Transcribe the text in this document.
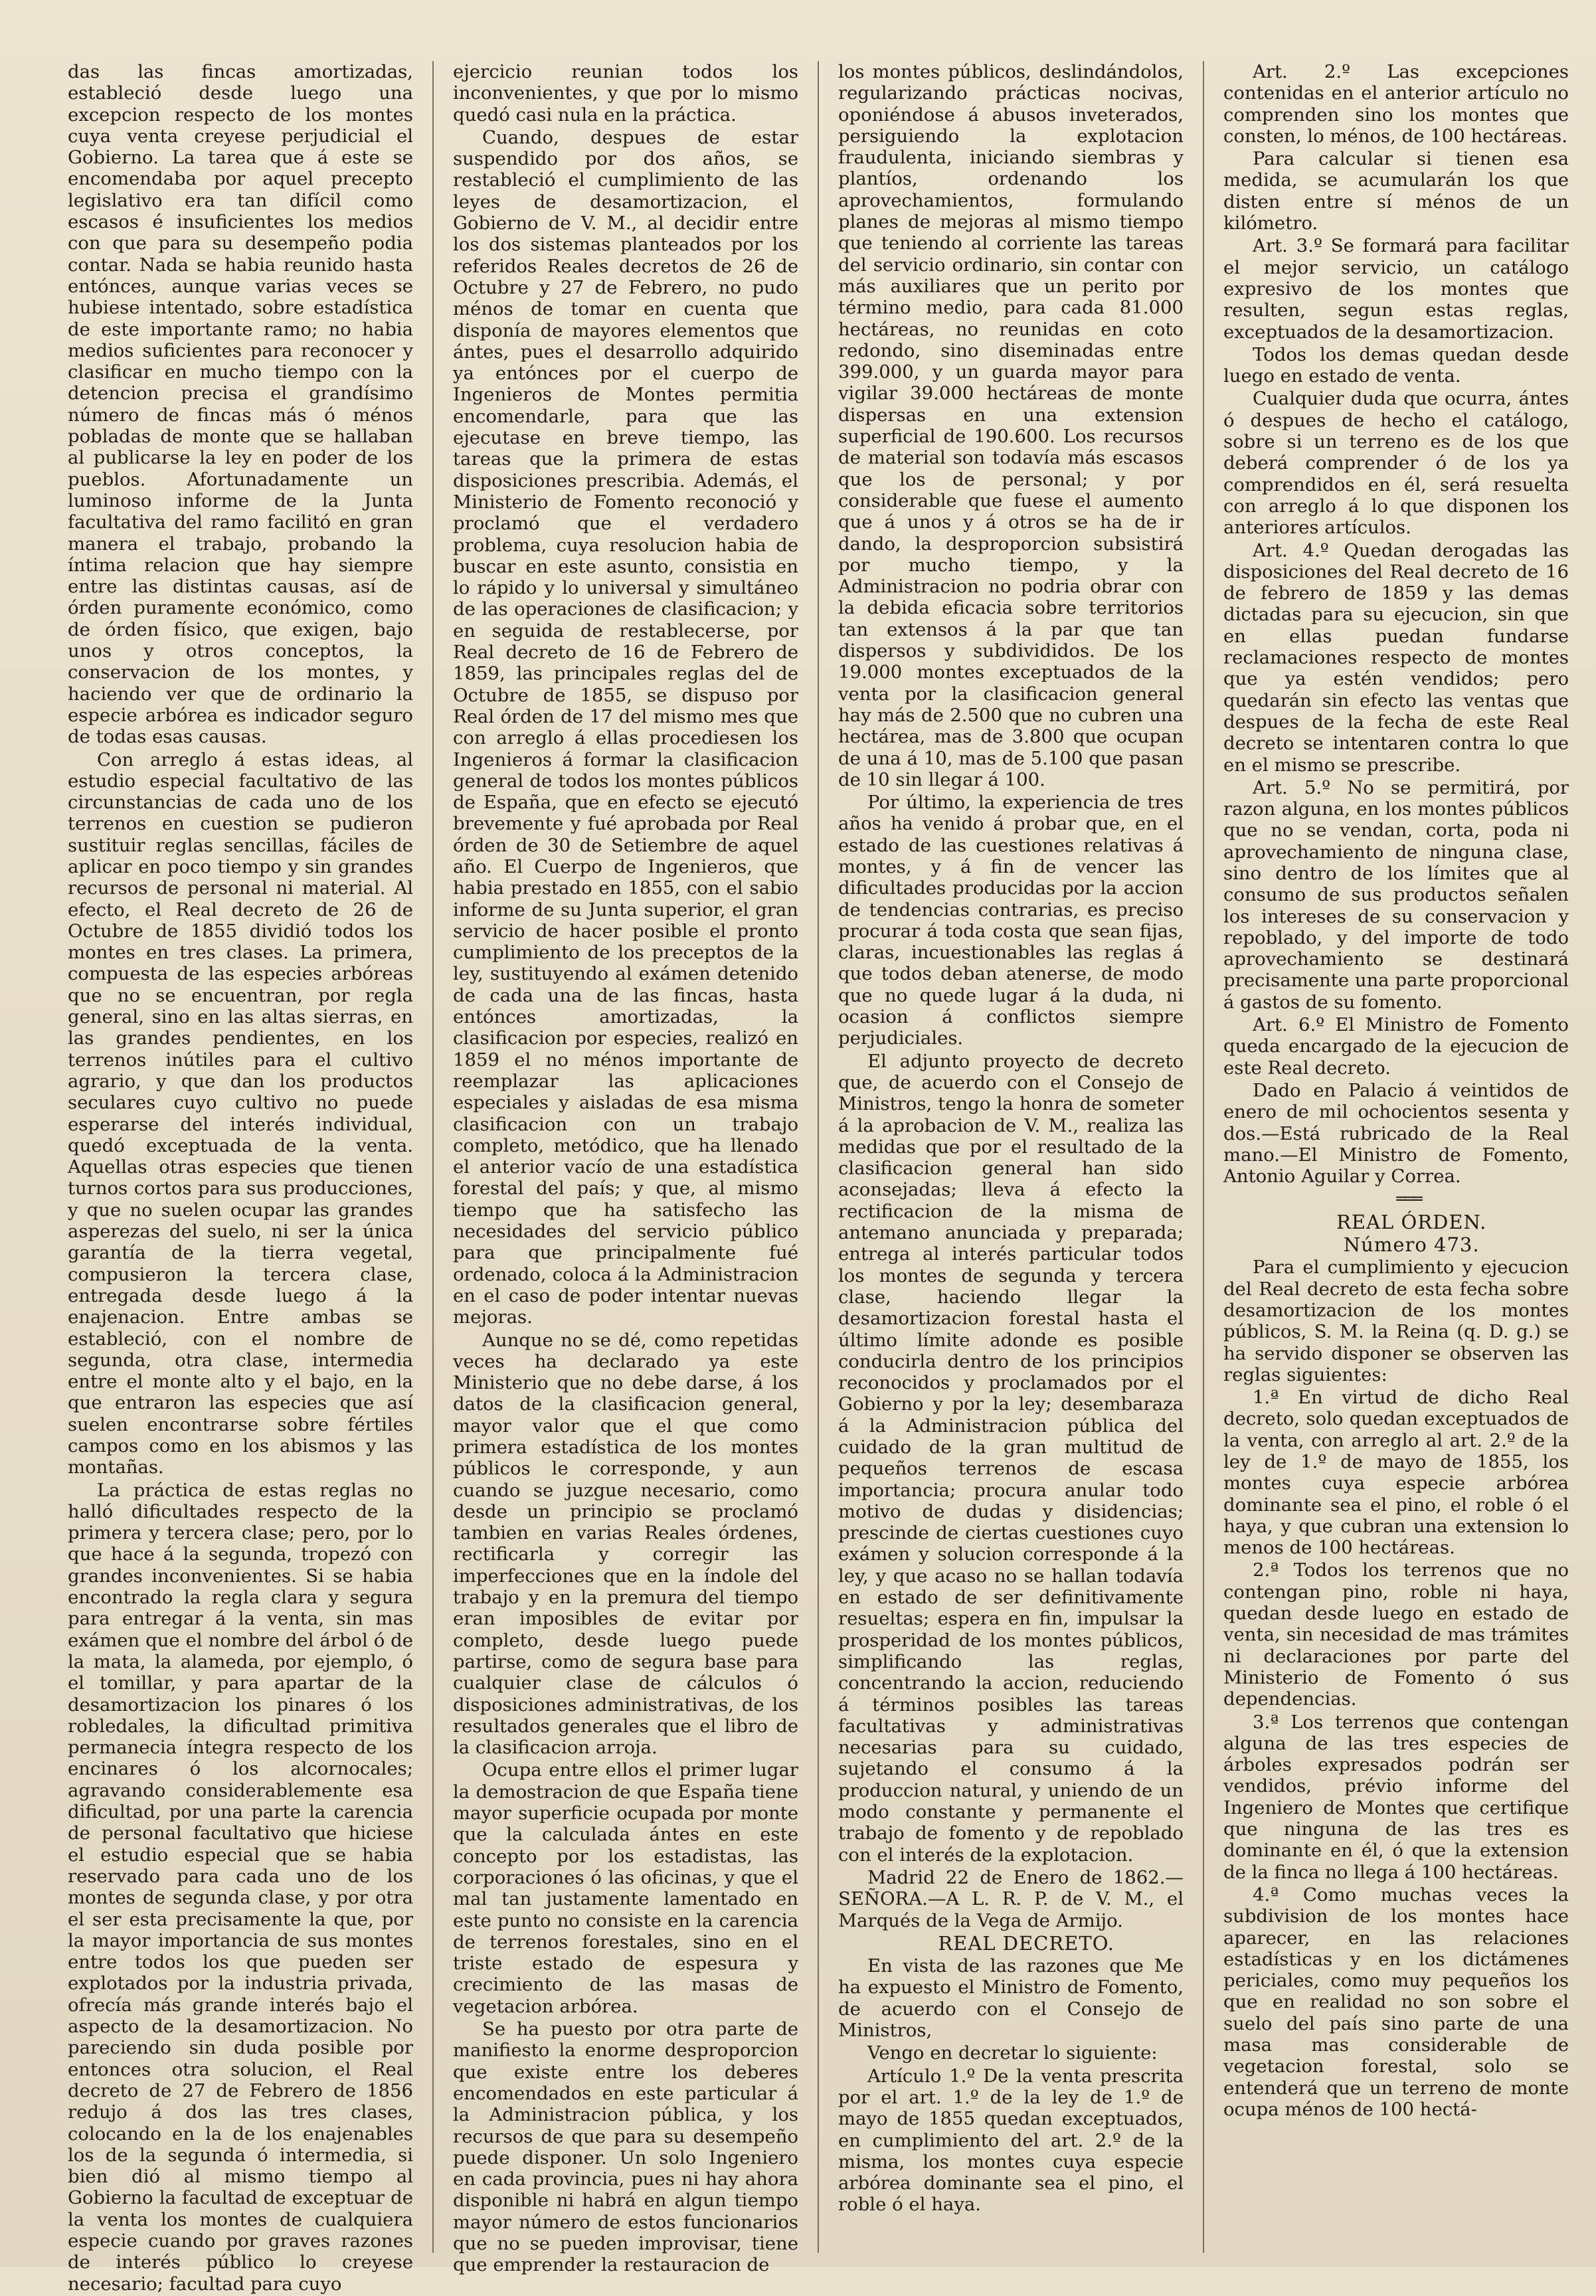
das las fincas amortizadas, estableció desde luego una excepcion respecto de los montes cuya venta creyese perjudicial el Gobierno. La tarea que á este se encomendaba por aquel precepto legislativo era tan difícil como escasos é insuficientes los medios con que para su desempeño podia contar. Nada se habia reunido hasta entónces, aunque varias veces se hubiese intentado, sobre estadística de este importante ramo; no habia medios suficientes para reconocer y clasificar en mucho tiempo con la detencion precisa el grandísimo número de fincas más ó ménos pobladas de monte que se hallaban al publicarse la ley en poder de los pueblos. Afortunadamente un luminoso informe de la Junta facultativa del ramo facilitó en gran manera el trabajo, probando la íntima relacion que hay siempre entre las distintas causas, así de órden puramente económico, como de órden físico, que exigen, bajo unos y otros conceptos, la conservacion de los montes, y haciendo ver que de ordinario la especie arbórea es indicador seguro de todas esas causas.

Con arreglo á estas ideas, al estudio especial facultativo de las circunstancias de cada uno de los terrenos en cuestion se pudieron sustituir reglas sencillas, fáciles de aplicar en poco tiempo y sin grandes recursos de personal ni material. Al efecto, el Real decreto de 26 de Octubre de 1855 dividió todos los montes en tres clases. La primera, compuesta de las especies arbóreas que no se encuentran, por regla general, sino en las altas sierras, en las grandes pendientes, en los terrenos inútiles para el cultivo agrario, y que dan los productos seculares cuyo cultivo no puede esperarse del interés individual, quedó exceptuada de la venta. Aquellas otras especies que tienen turnos cortos para sus producciones, y que no suelen ocupar las grandes asperezas del suelo, ni ser la única garantía de la tierra vegetal, compusieron la tercera clase, entregada desde luego á la enajenacion. Entre ambas se estableció, con el nombre de segunda, otra clase, intermedia entre el monte alto y el bajo, en la que entraron las especies que así suelen encontrarse sobre fértiles campos como en los abismos y las montañas.

La práctica de estas reglas no halló dificultades respecto de la primera y tercera clase; pero, por lo que hace á la segunda, tropezó con grandes inconvenientes. Si se habia encontrado la regla clara y segura para entregar á la venta, sin mas exámen que el nombre del árbol ó de la mata, la alameda, por ejemplo, ó el tomillar, y para apartar de la desamortizacion los pinares ó los robledales, la dificultad primitiva permanecia íntegra respecto de los encinares ó los alcornocales; agravando considerablemente esa dificultad, por una parte la carencia de personal facultativo que hiciese el estudio especial que se habia reservado para cada uno de los montes de segunda clase, y por otra el ser esta precisamente la que, por la mayor importancia de sus montes entre todos los que pueden ser explotados por la industria privada, ofrecía más grande interés bajo el aspecto de la desamortizacion. No pareciendo sin duda posible por entonces otra solucion, el Real decreto de 27 de Febrero de 1856 redujo á dos las tres clases, colocando en la de los enajenables los de la segunda ó intermedia, si bien dió al mismo tiempo al Gobierno la facultad de exceptuar de la venta los montes de cualquiera especie cuando por graves razones de interés público lo creyese necesario; facultad para cuyo

ejercicio reunian todos los inconvenientes, y que por lo mismo quedó casi nula en la práctica.

Cuando, despues de estar suspendido por dos años, se restableció el cumplimiento de las leyes de desamortizacion, el Gobierno de V. M., al decidir entre los dos sistemas planteados por los referidos Reales decretos de 26 de Octubre y 27 de Febrero, no pudo ménos de tomar en cuenta que disponía de mayores elementos que ántes, pues el desarrollo adquirido ya entónces por el cuerpo de Ingenieros de Montes permitia encomendarle, para que las ejecutase en breve tiempo, las tareas que la primera de estas disposiciones prescribia. Además, el Ministerio de Fomento reconoció y proclamó que el verdadero problema, cuya resolucion habia de buscar en este asunto, consistia en lo rápido y lo universal y simultáneo de las operaciones de clasificacion; y en seguida de restablecerse, por Real decreto de 16 de Febrero de 1859, las principales reglas del de Octubre de 1855, se dispuso por Real órden de 17 del mismo mes que con arreglo á ellas procediesen los Ingenieros á formar la clasificacion general de todos los montes públicos de España, que en efecto se ejecutó brevemente y fué aprobada por Real órden de 30 de Setiembre de aquel año. El Cuerpo de Ingenieros, que habia prestado en 1855, con el sabio informe de su Junta superior, el gran servicio de hacer posible el pronto cumplimiento de los preceptos de la ley, sustituyendo al exámen detenido de cada una de las fincas, hasta entónces amortizadas, la clasificacion por especies, realizó en 1859 el no ménos importante de reemplazar las aplicaciones especiales y aisladas de esa misma clasificacion con un trabajo completo, metódico, que ha llenado el anterior vacío de una estadística forestal del país; y que, al mismo tiempo que ha satisfecho las necesidades del servicio público para que principalmente fué ordenado, coloca á la Administracion en el caso de poder intentar nuevas mejoras.

Aunque no se dé, como repetidas veces ha declarado ya este Ministerio que no debe darse, á los datos de la clasificacion general, mayor valor que el que como primera estadística de los montes públicos le corresponde, y aun cuando se juzgue necesario, como desde un principio se proclamó tambien en varias Reales órdenes, rectificarla y corregir las imperfecciones que en la índole del trabajo y en la premura del tiempo eran imposibles de evitar por completo, desde luego puede partirse, como de segura base para cualquier clase de cálculos ó disposiciones administrativas, de los resultados generales que el libro de la clasificacion arroja.

Ocupa entre ellos el primer lugar la demostracion de que España tiene mayor superficie ocupada por monte que la calculada ántes en este concepto por los estadistas, las corporaciones ó las oficinas, y que el mal tan justamente lamentado en este punto no consiste en la carencia de terrenos forestales, sino en el triste estado de espesura y crecimiento de las masas de vegetacion arbórea.

Se ha puesto por otra parte de manifiesto la enorme desproporcion que existe entre los deberes encomendados en este particular á la Administracion pública, y los recursos de que para su desempeño puede disponer. Un solo Ingeniero en cada provincia, pues ni hay ahora disponible ni habrá en algun tiempo mayor número de estos funcionarios que no se pueden improvisar, tiene que emprender la restauracion de

los montes públicos, deslindándolos, regularizando prácticas nocivas, oponiéndose á abusos inveterados, persiguiendo la explotacion fraudulenta, iniciando siembras y plantíos, ordenando los aprovechamientos, formulando planes de mejoras al mismo tiempo que teniendo al corriente las tareas del servicio ordinario, sin contar con más auxiliares que un perito por término medio, para cada 81.000 hectáreas, no reunidas en coto redondo, sino diseminadas entre 399.000, y un guarda mayor para vigilar 39.000 hectáreas de monte dispersas en una extension superficial de 190.600. Los recursos de material son todavía más escasos que los de personal; y por considerable que fuese el aumento que á unos y á otros se ha de ir dando, la desproporcion subsistirá por mucho tiempo, y la Administracion no podria obrar con la debida eficacia sobre territorios tan extensos á la par que tan dispersos y subdivididos. De los 19.000 montes exceptuados de la venta por la clasificacion general hay más de 2.500 que no cubren una hectárea, mas de 3.800 que ocupan de una á 10, mas de 5.100 que pasan de 10 sin llegar á 100.

Por último, la experiencia de tres años ha venido á probar que, en el estado de las cuestiones relativas á montes, y á fin de vencer las dificultades producidas por la accion de tendencias contrarias, es preciso procurar á toda costa que sean fijas, claras, incuestionables las reglas á que todos deban atenerse, de modo que no quede lugar á la duda, ni ocasion á conflictos siempre perjudiciales.

El adjunto proyecto de decreto que, de acuerdo con el Consejo de Ministros, tengo la honra de someter á la aprobacion de V. M., realiza las medidas que por el resultado de la clasificacion general han sido aconsejadas; lleva á efecto la rectificacion de la misma de antemano anunciada y preparada; entrega al interés particular todos los montes de segunda y tercera clase, haciendo llegar la desamortizacion forestal hasta el último límite adonde es posible conducirla dentro de los principios reconocidos y proclamados por el Gobierno y por la ley; desembaraza á la Administracion pública del cuidado de la gran multitud de pequeños terrenos de escasa importancia; procura anular todo motivo de dudas y disidencias; prescinde de ciertas cuestiones cuyo exámen y solucion corresponde á la ley, y que acaso no se hallan todavía en estado de ser definitivamente resueltas; espera en fin, impulsar la prosperidad de los montes públicos, simplificando las reglas, concentrando la accion, reduciendo á términos posibles las tareas facultativas y administrativas necesarias para su cuidado, sujetando el consumo á la produccion natural, y uniendo de un modo constante y permanente el trabajo de fomento y de repoblado con el interés de la explotacion.

Madrid 22 de Enero de 1862.—SEÑORA.—A L. R. P. de V. M., el Marqués de la Vega de Armijo.

REAL DECRETO.

En vista de las razones que Me ha expuesto el Ministro de Fomento, de acuerdo con el Consejo de Ministros,

Vengo en decretar lo siguiente:

Artículo 1.º De la venta prescrita por el art. 1.º de la ley de 1.º de mayo de 1855 quedan exceptuados, en cumplimiento del art. 2.º de la misma, los montes cuya especie arbórea dominante sea el pino, el roble ó el haya.

Art. 2.º Las excepciones contenidas en el anterior artículo no comprenden sino los montes que consten, lo ménos, de 100 hectáreas.

Para calcular si tienen esa medida, se acumularán los que disten entre sí ménos de un kilómetro.

Art. 3.º Se formará para facilitar el mejor servicio, un catálogo expresivo de los montes que resulten, segun estas reglas, exceptuados de la desamortizacion.

Todos los demas quedan desde luego en estado de venta.

Cualquier duda que ocurra, ántes ó despues de hecho el catálogo, sobre si un terreno es de los que deberá comprender ó de los ya comprendidos en él, será resuelta con arreglo á lo que disponen los anteriores artículos.

Art. 4.º Quedan derogadas las disposiciones del Real decreto de 16 de febrero de 1859 y las demas dictadas para su ejecucion, sin que en ellas puedan fundarse reclamaciones respecto de montes que ya estén vendidos; pero quedarán sin efecto las ventas que despues de la fecha de este Real decreto se intentaren contra lo que en el mismo se prescribe.

Art. 5.º No se permitirá, por razon alguna, en los montes públicos que no se vendan, corta, poda ni aprovechamiento de ninguna clase, sino dentro de los límites que al consumo de sus productos señalen los intereses de su conservacion y repoblado, y del importe de todo aprovechamiento se destinará precisamente una parte proporcional á gastos de su fomento.

Art. 6.º El Ministro de Fomento queda encargado de la ejecucion de este Real decreto.

Dado en Palacio á veintidos de enero de mil ochocientos sesenta y dos.—Está rubricado de la Real mano.—El Ministro de Fomento, Antonio Aguilar y Correa.

═══

REAL ÓRDEN.

Número 473.

Para el cumplimiento y ejecucion del Real decreto de esta fecha sobre desamortizacion de los montes públicos, S. M. la Reina (q. D. g.) se ha servido disponer se observen las reglas siguientes:

1.ª En virtud de dicho Real decreto, solo quedan exceptuados de la venta, con arreglo al art. 2.º de la ley de 1.º de mayo de 1855, los montes cuya especie arbórea dominante sea el pino, el roble ó el haya, y que cubran una extension lo menos de 100 hectáreas.

2.ª Todos los terrenos que no contengan pino, roble ni haya, quedan desde luego en estado de venta, sin necesidad de mas trámites ni declaraciones por parte del Ministerio de Fomento ó sus dependencias.

3.ª Los terrenos que contengan alguna de las tres especies de árboles expresados podrán ser vendidos, prévio informe del Ingeniero de Montes que certifique que ninguna de las tres es dominante en él, ó que la extension de la finca no llega á 100 hectáreas.

4.ª Como muchas veces la subdivision de los montes hace aparecer, en las relaciones estadísticas y en los dictámenes periciales, como muy pequeños los que en realidad no son sobre el suelo del país sino parte de una masa mas considerable de vegetacion forestal, solo se entenderá que un terreno de monte ocupa ménos de 100 hectá-
